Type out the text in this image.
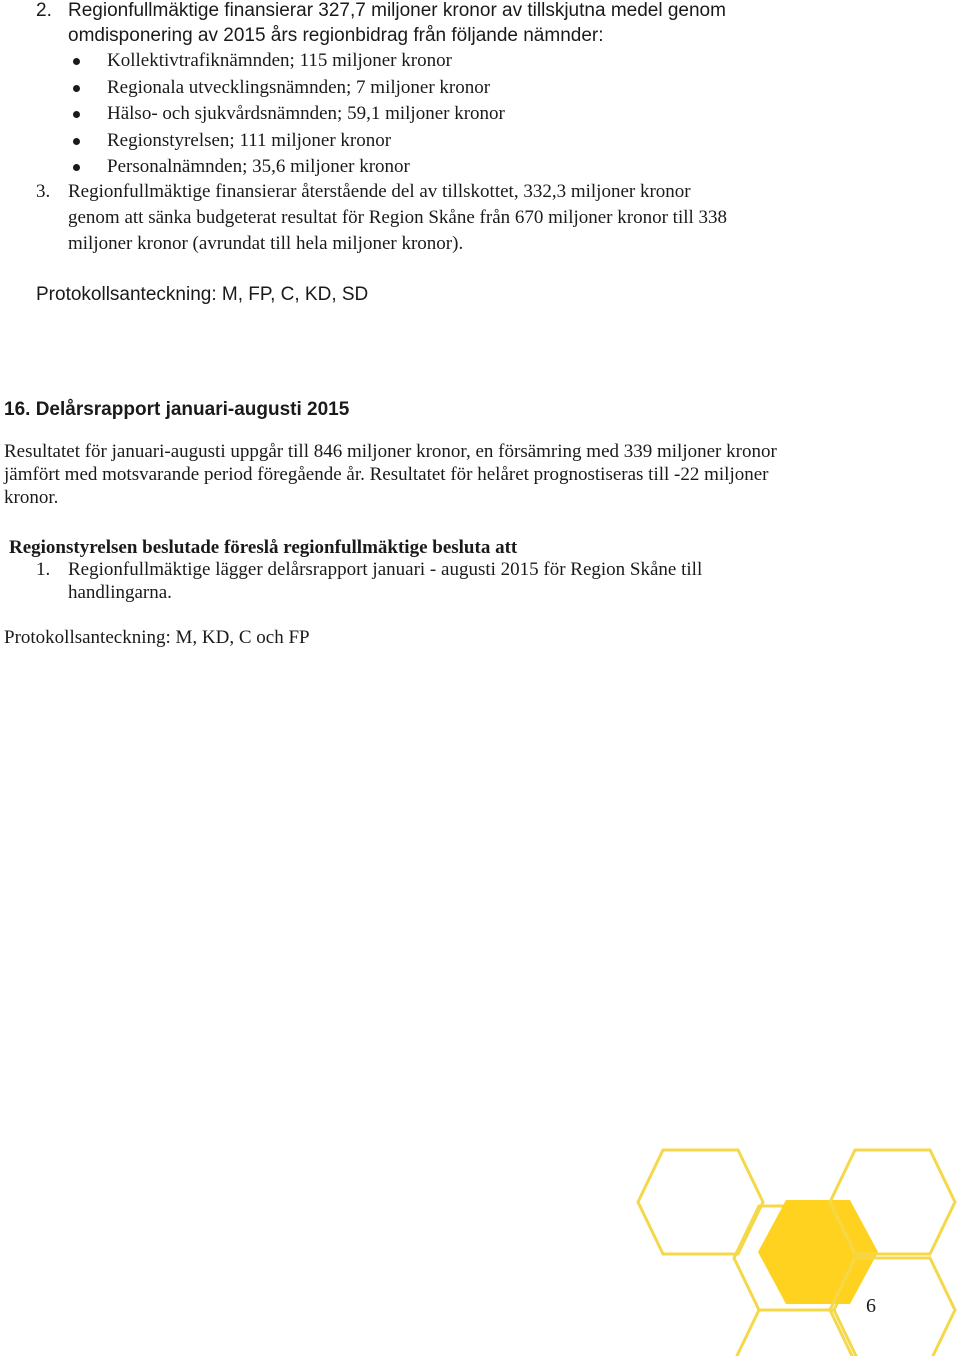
2. Regionfullmäktige finansierar 327,7 miljoner kronor av tillskjutna medel genom
omdisponering av 2015 års regionbidrag från följande nämnder:
Kollektivtrafiknämnden; 115 miljoner kronor
Regionala utvecklingsnämnden; 7 miljoner kronor
Hälso- och sjukvårdsnämnden; 59,1 miljoner kronor
Regionstyrelsen; 111 miljoner kronor
Personalnämnden; 35,6 miljoner kronor
3. Regionfullmäktige finansierar återstående del av tillskottet, 332,3 miljoner kronor
genom att sänka budgeterat resultat för Region Skåne från 670 miljoner kronor till 338
miljoner kronor (avrundat till hela miljoner kronor).
Protokollsanteckning: M, FP, C, KD, SD
16. Delårsrapport januari-augusti 2015
Resultatet för januari-augusti uppgår till 846 miljoner kronor, en försämring med 339 miljoner kronor
jämfört med motsvarande period föregående år. Resultatet för helåret prognostiseras till -22 miljoner
kronor.
Regionstyrelsen beslutade föreslå regionfullmäktige besluta att
1. Regionfullmäktige lägger delårsrapport januari - augusti 2015 för Region Skåne till
handlingarna.
Protokollsanteckning: M, KD, C och FP
6
